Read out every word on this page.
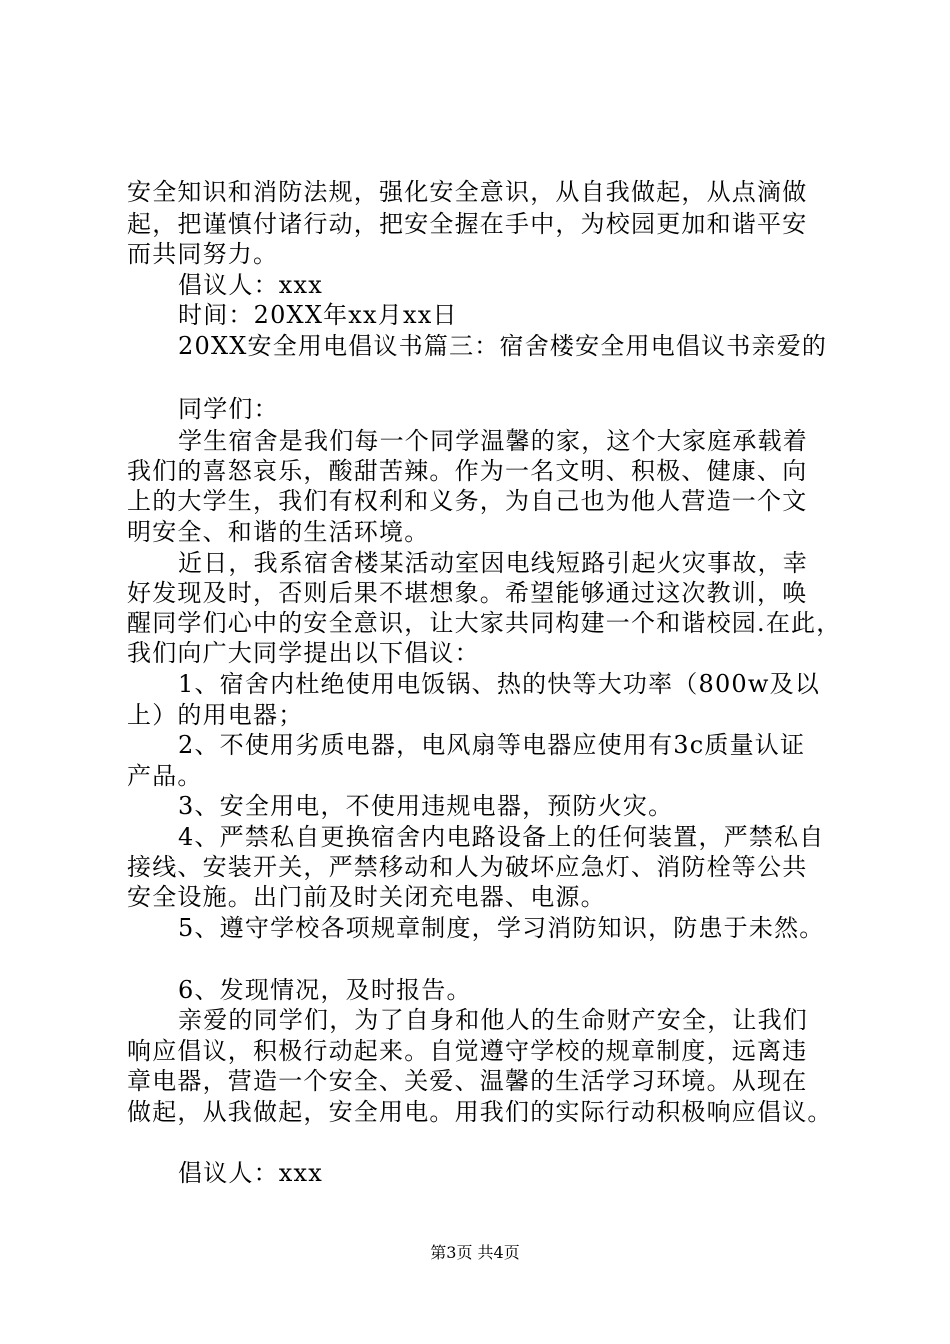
安全知识和消防法规，强化安全意识，从自我做起，从点滴做
起，把谨慎付诸行动，把安全握在手中，为校园更加和谐平安
而共同努力。
倡议人：xxx
时间：20XX年xx月xx日
20XX安全用电倡议书篇三：宿舍楼安全用电倡议书亲爱的
同学们：
学生宿舍是我们每一个同学温馨的家，这个大家庭承载着
我们的喜怒哀乐，酸甜苦辣。作为一名文明、积极、健康、向
上的大学生，我们有权利和义务，为自己也为他人营造一个文
明安全、和谐的生活环境。
近日，我系宿舍楼某活动室因电线短路引起火灾事故，幸
好发现及时，否则后果不堪想象。希望能够通过这次教训，唤
醒同学们心中的安全意识，让大家共同构建一个和谐校园.在此，
我们向广大同学提出以下倡议：
1、宿舍内杜绝使用电饭锅、热的快等大功率（800w及以
上）的用电器；
2、不使用劣质电器，电风扇等电器应使用有3c质量认证
产品。
3、安全用电，不使用违规电器，预防火灾。
4、严禁私自更换宿舍内电路设备上的任何装置，严禁私自
接线、安装开关，严禁移动和人为破坏应急灯、消防栓等公共
安全设施。出门前及时关闭充电器、电源。
5、遵守学校各项规章制度，学习消防知识，防患于未然。
6、发现情况，及时报告。
亲爱的同学们，为了自身和他人的生命财产安全，让我们
响应倡议，积极行动起来。自觉遵守学校的规章制度，远离违
章电器，营造一个安全、关爱、温馨的生活学习环境。从现在
做起，从我做起，安全用电。用我们的实际行动积极响应倡议。
倡议人：xxx
第3页 共4页
